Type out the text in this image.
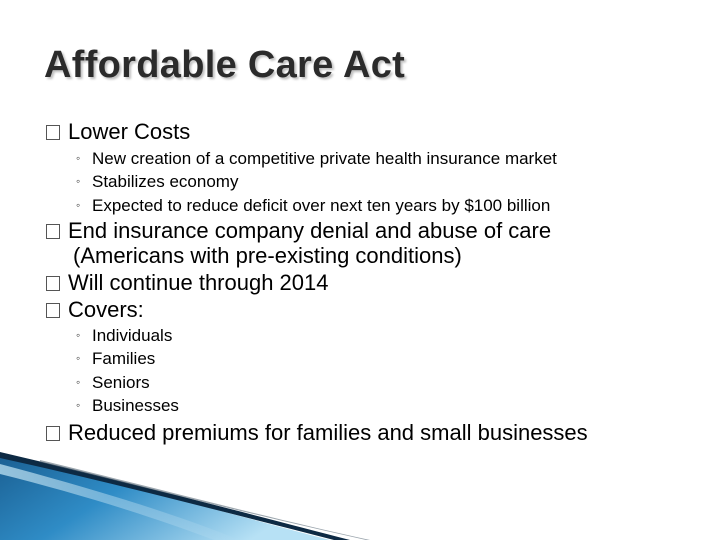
Affordable Care Act
Lower Costs
◦ New creation of a competitive private health insurance market
◦ Stabilizes economy
◦ Expected to reduce deficit over next ten years by $100 billion
End insurance company denial and abuse of care
(Americans with pre-existing conditions)
Will continue through 2014
Covers:
◦ Individuals
◦ Families
◦ Seniors
◦ Businesses
Reduced premiums for families and small businesses
